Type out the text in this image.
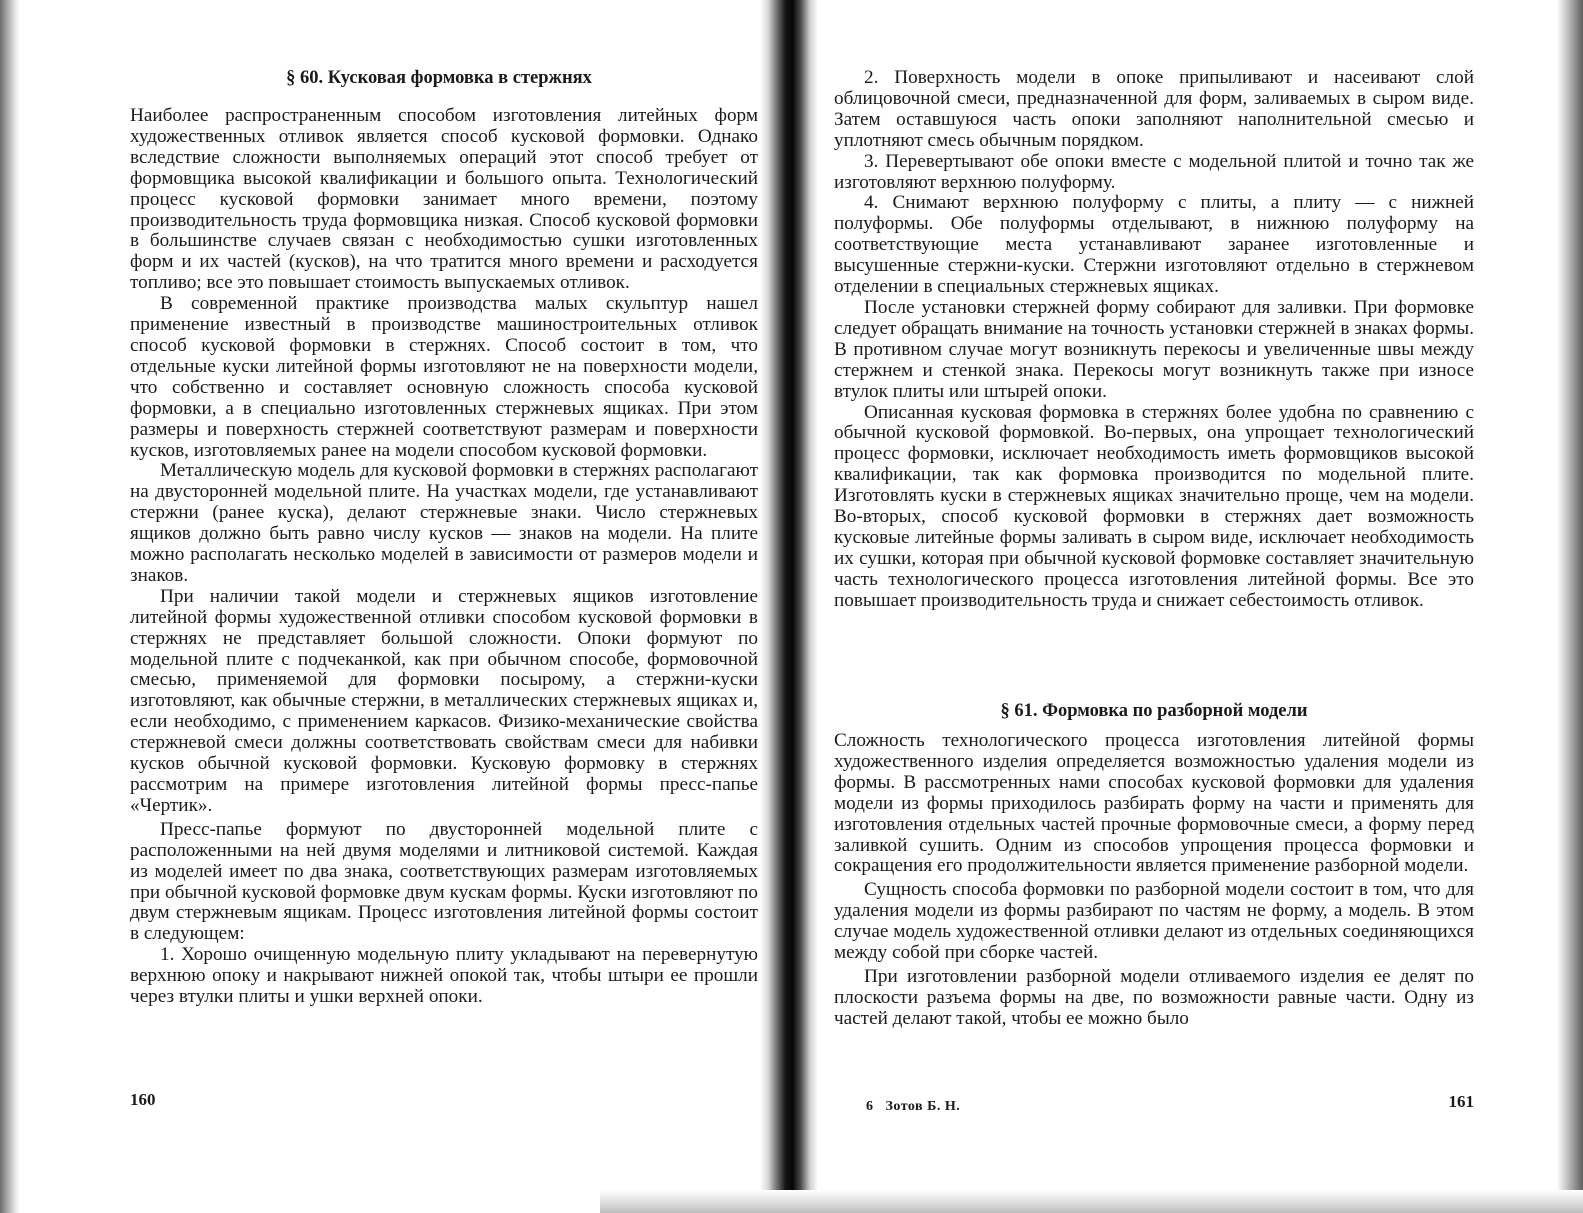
§ 60. Кусковая формовка в стержнях

Наиболее распространенным способом изготовления литейных форм художественных отливок является способ кусковой формовки. Однако вследствие сложности выполняемых операций этот способ требует от формовщика высокой квалификации и большого опыта. Технологический процесс кусковой формовки занимает много времени, поэтому производительность труда формовщика низкая. Способ кусковой формовки в большинстве случаев связан с необходимостью сушки изготовленных форм и их частей (кусков), на что тратится много времени и расходуется топливо; все это повышает стоимость выпускаемых отливок.

В современной практике производства малых скульптур нашел применение известный в производстве машиностроительных отливок способ кусковой формовки в стержнях. Способ состоит в том, что отдельные куски литейной формы изготовляют не на поверхности модели, что собственно и составляет основную сложность способа кусковой формовки, а в специально изготовленных стержневых ящиках. При этом размеры и поверхность стержней соответствуют размерам и поверхности кусков, изготовляемых ранее на модели способом кусковой формовки.

Металлическую модель для кусковой формовки в стержнях располагают на двусторонней модельной плите. На участках модели, где устанавливают стержни (ранее куска), делают стержневые знаки. Число стержневых ящиков должно быть равно числу кусков — знаков на модели. На плите можно располагать несколько моделей в зависимости от размеров модели и знаков.

При наличии такой модели и стержневых ящиков изготовление литейной формы художественной отливки способом кусковой формовки в стержнях не представляет большой сложности. Опоки формуют по модельной плите с подчеканкой, как при обычном способе, формовочной смесью, применяемой для формовки посырому, а стержни-куски изготовляют, как обычные стержни, в металлических стержневых ящиках и, если необходимо, с применением каркасов. Физико-механические свойства стержневой смеси должны соответствовать свойствам смеси для набивки кусков обычной кусковой формовки. Кусковую формовку в стержнях рассмотрим на примере изготовления литейной формы пресс-папье «Чертик».

Пресс-папье формуют по двусторонней модельной плите с расположенными на ней двумя моделями и литниковой системой. Каждая из моделей имеет по два знака, соответствующих размерам изготовляемых при обычной кусковой формовке двум кускам формы. Куски изготовляют по двум стержневым ящикам. Процесс изготовления литейной формы состоит в следующем:

1. Хорошо очищенную модельную плиту укладывают на перевернутую верхнюю опоку и накрывают нижней опокой так, чтобы штыри ее прошли через втулки плиты и ушки верхней опоки.

160

2. Поверхность модели в опоке припыливают и насеивают слой облицовочной смеси, предназначенной для форм, заливаемых в сыром виде. Затем оставшуюся часть опоки заполняют наполнительной смесью и уплотняют смесь обычным порядком.

3. Перевертывают обе опоки вместе с модельной плитой и точно так же изготовляют верхнюю полуформу.

4. Снимают верхнюю полуформу с плиты, а плиту — с нижней полуформы. Обе полуформы отделывают, в нижнюю полуформу на соответствующие места устанавливают заранее изготовленные и высушенные стержни-куски. Стержни изготовляют отдельно в стержневом отделении в специальных стержневых ящиках.

После установки стержней форму собирают для заливки. При формовке следует обращать внимание на точность установки стержней в знаках формы. В противном случае могут возникнуть перекосы и увеличенные швы между стержнем и стенкой знака. Перекосы могут возникнуть также при износе втулок плиты или штырей опоки.

Описанная кусковая формовка в стержнях более удобна по сравнению с обычной кусковой формовкой. Во-первых, она упрощает технологический процесс формовки, исключает необходимость иметь формовщиков высокой квалификации, так как формовка производится по модельной плите. Изготовлять куски в стержневых ящиках значительно проще, чем на модели. Во-вторых, способ кусковой формовки в стержнях дает возможность кусковые литейные формы заливать в сыром виде, исключает необходимость их сушки, которая при обычной кусковой формовке составляет значительную часть технологического процесса изготовления литейной формы. Все это повышает производительность труда и снижает себестоимость отливок.

§ 61. Формовка по разборной модели

Сложность технологического процесса изготовления литейной формы художественного изделия определяется возможностью удаления модели из формы. В рассмотренных нами способах кусковой формовки для удаления модели из формы приходилось разбирать форму на части и применять для изготовления отдельных частей прочные формовочные смеси, а форму перед заливкой сушить. Одним из способов упрощения процесса формовки и сокращения его продолжительности является применение разборной модели.

Сущность способа формовки по разборной модели состоит в том, что для удаления модели из формы разбирают по частям не форму, а модель. В этом случае модель художественной отливки делают из отдельных соединяющихся между собой при сборке частей.

При изготовлении разборной модели отливаемого изделия ее делят по плоскости разъема формы на две, по возможности равные части. Одну из частей делают такой, чтобы ее можно было

6   Зотов Б. Н.	161
